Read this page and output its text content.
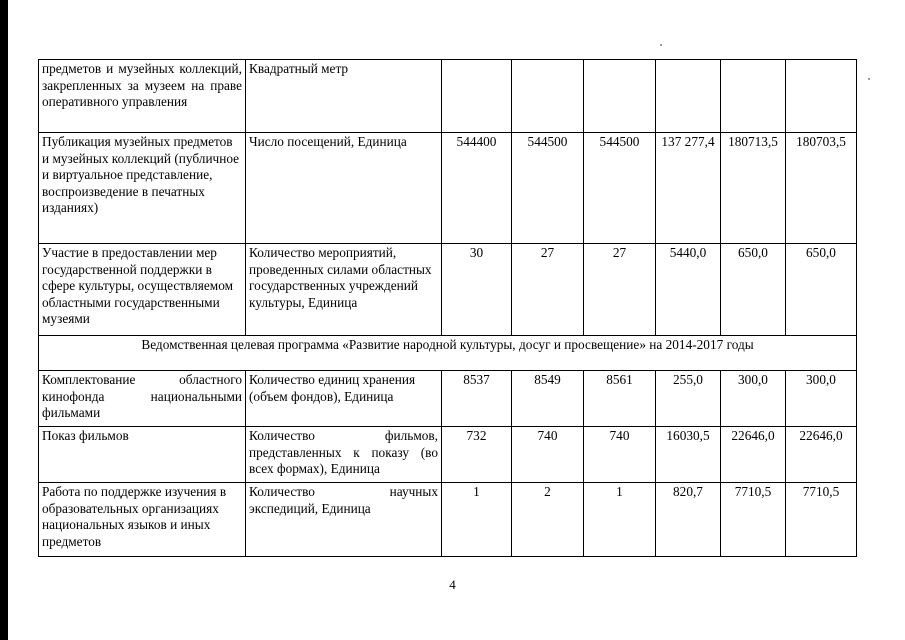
предметов и музейных коллекций, закрепленных за музеем на праве оперативного управления	Квадратный метр						
Публикация музейных предметов и музейных коллекций (публичное и виртуальное представление, воспроизведение в печатных изданиях)	Число посещений, Единица	544400	544500	544500	137 277,4	180713,5	180703,5
Участие в предоставлении мер государственной поддержки в сфере культуры, осуществляемом областными государственными музеями	Количество мероприятий, проведенных силами областных государственных учреждений культуры, Единица	30	27	27	5440,0	650,0	650,0
Ведомственная целевая программа «Развитие народной культуры, досуг и просвещение» на 2014-2017 годы							
Комплектование областного кинофонда национальными фильмами	Количество единиц хранения (объем фондов), Единица	8537	8549	8561	255,0	300,0	300,0
Показ фильмов	Количество фильмов, представленных к показу (во всех формах), Единица	732	740	740	16030,5	22646,0	22646,0
Работа по поддержке изучения в образовательных организациях национальных языков и иных предметов	Количество научных экспедиций, Единица	1	2	1	820,7	7710,5	7710,5
4
